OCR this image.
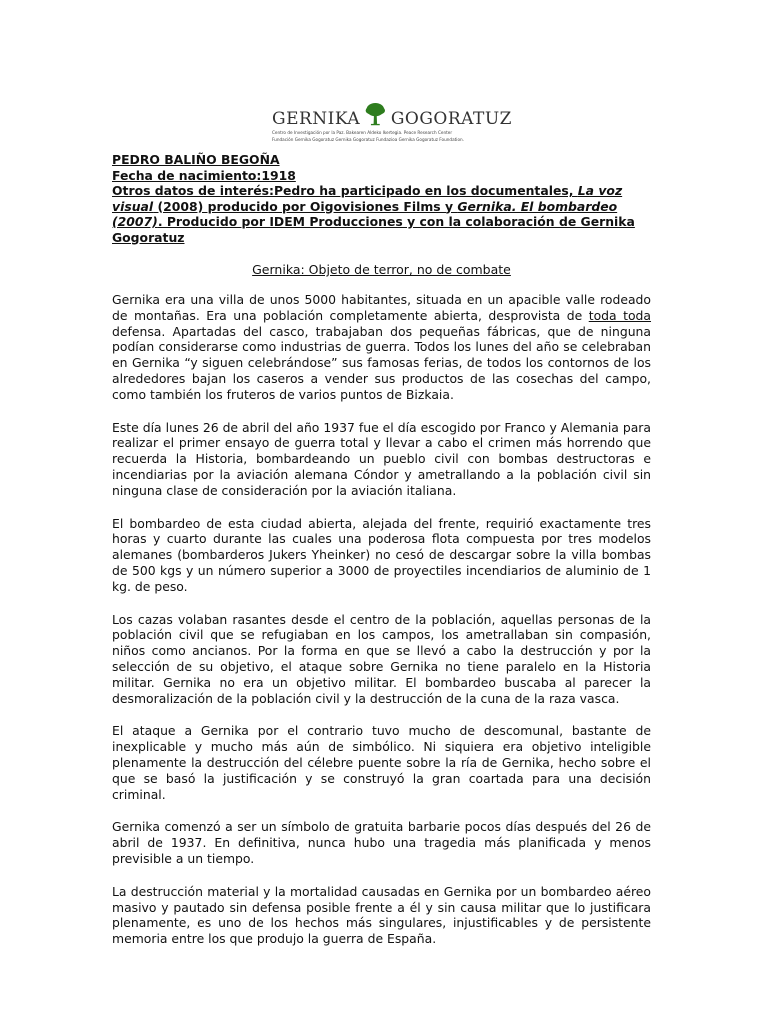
GERNIKA GOGORATUZ
Centro de Investigación por la Paz. Bakearen Aldeko Ikertegia. Peace Research Center
Fundación Gernika Gogoratuz Gernika Gogoratuz Fundazioa Gernika Gogoratuz Foundation.
PEDRO BALIÑO BEGOÑA
Fecha de nacimiento:1918
Otros datos de interés:Pedro ha participado en los documentales, La voz visual (2008) producido por Oigovisiones Films y Gernika. El bombardeo (2007). Producido por IDEM Producciones y con la colaboración de Gernika Gogoratuz
Gernika: Objeto de terror, no de combate

Gernika era una villa de unos 5000 habitantes, situada en un apacible valle rodeado de montañas. Era una población completamente abierta, desprovista de toda toda defensa. Apartadas del casco, trabajaban dos pequeñas fábricas, que de ninguna podían considerarse como industrias de guerra. Todos los lunes del año se celebraban en Gernika “y siguen celebrándose” sus famosas ferias, de todos los contornos de los alrededores bajan los caseros a vender sus productos de las cosechas del campo, como también los fruteros de varios puntos de Bizkaia.

Este día lunes 26 de abril del año 1937 fue el día escogido por Franco y Alemania para realizar el primer ensayo de guerra total y llevar a cabo el crimen más horrendo que recuerda la Historia, bombardeando un pueblo civil con bombas destructoras e incendiarias por la aviación alemana Cóndor y ametrallando a la población civil sin ninguna clase de consideración por la aviación italiana.

El bombardeo de esta ciudad abierta, alejada del frente, requirió exactamente tres horas y cuarto durante las cuales una poderosa flota compuesta por tres modelos alemanes (bombarderos Jukers Yheinker) no cesó de descargar sobre la villa bombas de 500 kgs y un número superior a 3000 de proyectiles incendiarios de aluminio de 1 kg. de peso.

Los cazas volaban rasantes desde el centro de la población, aquellas personas de la población civil que se refugiaban en los campos, los ametrallaban sin compasión, niños como ancianos. Por la forma en que se llevó a cabo la destrucción y por la selección de su objetivo, el ataque sobre Gernika no tiene paralelo en la Historia militar. Gernika no era un objetivo militar. El bombardeo buscaba al parecer la desmoralización de la población civil y la destrucción de la cuna de la raza vasca.

El ataque a Gernika por el contrario tuvo mucho de descomunal, bastante de inexplicable y mucho más aún de simbólico. Ni siquiera era objetivo inteligible plenamente la destrucción del célebre puente sobre la ría de Gernika, hecho sobre el que se basó la justificación y se construyó la gran coartada para una decisión criminal.

Gernika comenzó a ser un símbolo de gratuita barbarie pocos días después del 26 de abril de 1937. En definitiva, nunca hubo una tragedia más planificada y menos previsible a un tiempo.

La destrucción material y la mortalidad causadas en Gernika por un bombardeo aéreo masivo y pautado sin defensa posible frente a él y sin causa militar que lo justificara plenamente, es uno de los hechos más singulares, injustificables y de persistente memoria entre los que produjo la guerra de España.
